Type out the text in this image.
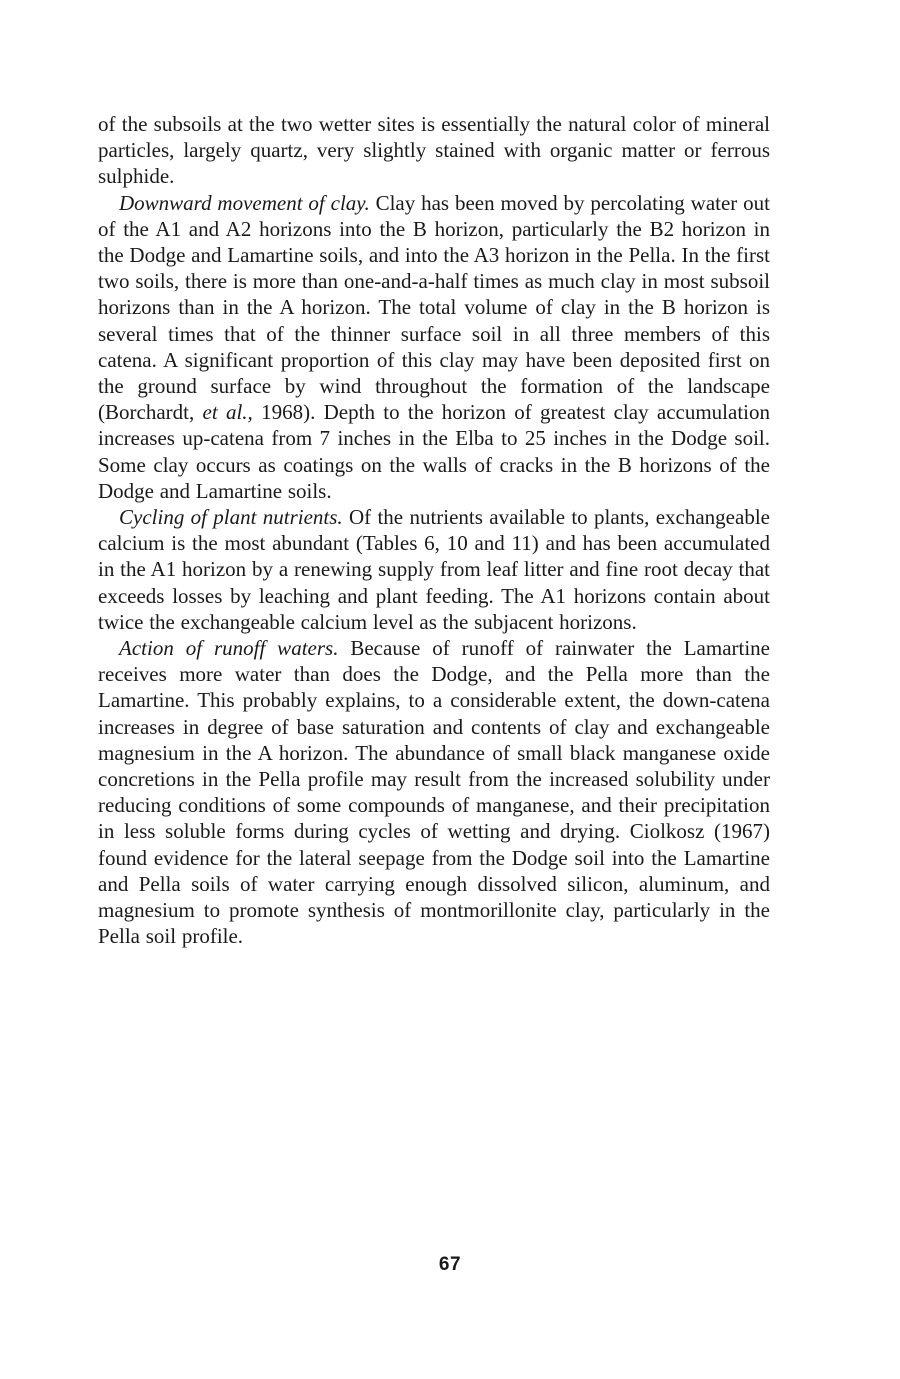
of the subsoils at the two wetter sites is essentially the natural color of mineral particles, largely quartz, very slightly stained with organic matter or ferrous sulphide.

Downward movement of clay. Clay has been moved by percolating water out of the A1 and A2 horizons into the B horizon, particularly the B2 horizon in the Dodge and Lamartine soils, and into the A3 horizon in the Pella. In the first two soils, there is more than one-and-a-half times as much clay in most subsoil horizons than in the A horizon. The total volume of clay in the B horizon is several times that of the thinner surface soil in all three members of this catena. A significant proportion of this clay may have been deposited first on the ground surface by wind throughout the formation of the landscape (Borchardt, et al., 1968). Depth to the horizon of greatest clay accumulation increases up-catena from 7 inches in the Elba to 25 inches in the Dodge soil. Some clay occurs as coatings on the walls of cracks in the B horizons of the Dodge and Lamartine soils.

Cycling of plant nutrients. Of the nutrients available to plants, exchangeable calcium is the most abundant (Tables 6, 10 and 11) and has been accumulated in the A1 horizon by a renewing supply from leaf litter and fine root decay that exceeds losses by leaching and plant feeding. The A1 horizons contain about twice the exchangeable calcium level as the subjacent horizons.

Action of runoff waters. Because of runoff of rainwater the Lamartine receives more water than does the Dodge, and the Pella more than the Lamartine. This probably explains, to a considerable extent, the down-catena increases in degree of base saturation and contents of clay and exchangeable magnesium in the A horizon. The abundance of small black manganese oxide concretions in the Pella profile may result from the increased solubility under reducing conditions of some compounds of manganese, and their precipitation in less soluble forms during cycles of wetting and drying. Ciolkosz (1967) found evidence for the lateral seepage from the Dodge soil into the Lamartine and Pella soils of water carrying enough dissolved silicon, aluminum, and magnesium to promote synthesis of montmorillonite clay, particularly in the Pella soil profile.

67
